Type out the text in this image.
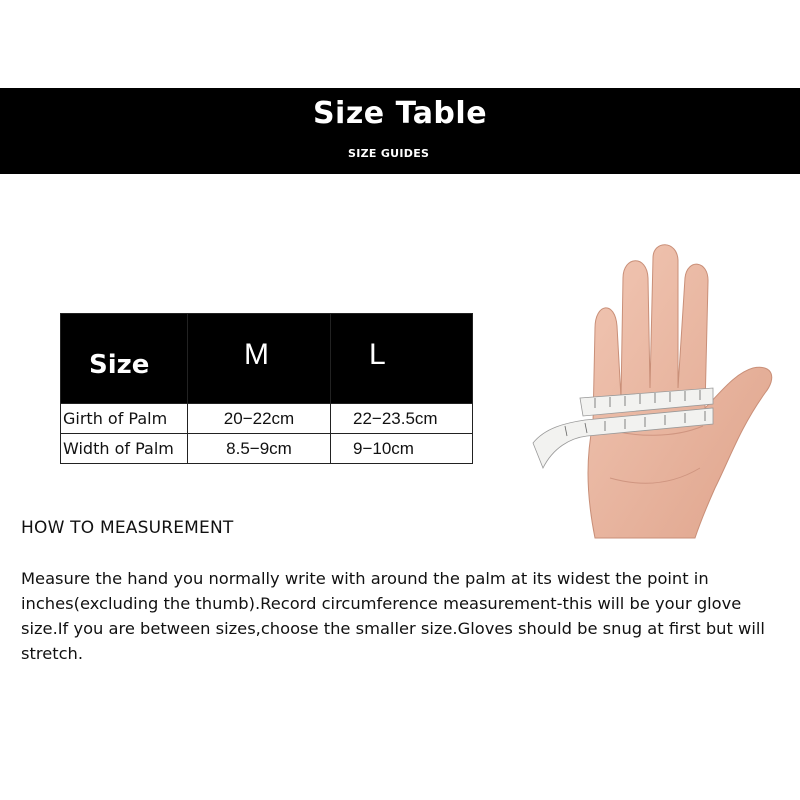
Size Table
SIZE GUIDES
Size	M	L
Girth of Palm	20−22cm	22−23.5cm
Width of Palm	8.5−9cm	9−10cm
HOW TO MEASUREMENT
Measure the hand you normally write with around the palm at its widest the point in inches(excluding the thumb).Record circumference measurement-this will be your glove size.If you are between sizes,choose the smaller size.Gloves should be snug at first but will stretch.
